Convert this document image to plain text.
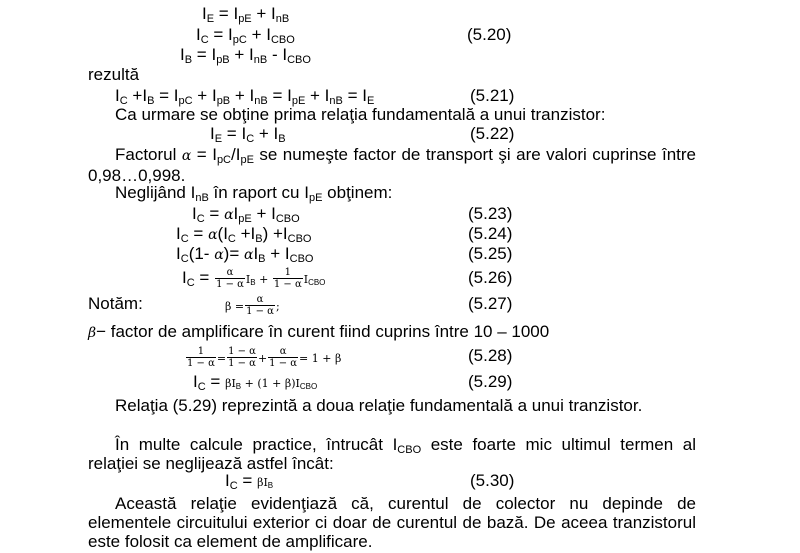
$I_E = I_{pE} + I_{nB}$
$I_C = I_{pC} + I_{CBO}$	(5.20)
$I_B = I_{pB} + I_{nB} - I_{CBO}$
rezultă
$I_C +I_B = I_{pC} + I_{pB} + I_{nB} = I_{pE} + I_{nB} = I_E$	(5.21)
Ca urmare se obţine prima relaţia fundamentală a unui tranzistor:
$I_E = I_C + I_B$	(5.22)
Factorul $\alpha = I_{pC}/I_{pE}$ se numeşte factor de transport şi are valori cuprinse între 0,98…0,998.
Neglijând $I_{nB}$ în raport cu $I_{pE}$ obţinem:
$I_C = \alpha I_{pE} + I_{CBO}$	(5.23)
$I_C = \alpha(I_C +I_B) +I_{CBO}$	(5.24)
$I_C(1-$ $\alpha)= \alpha I_B + I_{CBO}$	(5.25)
$I_C = \frac{\alpha}{1 - \alpha}$ IB + $\frac{1}{1 - \alpha}$ ICBO	(5.26)
Notăm:	$\beta = \frac{\alpha}{1 - \alpha}$ ;	(5.27)
β− factor de amplificare în curent fiind cuprins între 10 – 1000
$\frac{1}{1 - \alpha} = \frac{1 - \alpha}{1 - \alpha} + \frac{\alpha}{1 - \alpha} = 1 + \beta$	(5.28)
$I_C = \beta IB + (1$ + β)ICBO	(5.29)
Relaţia (5.29) reprezintă a doua relaţie fundamentală a unui tranzistor.
În multe calcule practice, întrucât $I_{CBO}$ este foarte mic ultimul termen al relaţiei se neglijează astfel încât:
$I_C = \beta IB$	(5.30)
Această relaţie evidenţiază că, curentul de colector nu depinde de elementele circuitului exterior ci doar de curentul de bază. De aceea tranzistorul este folosit ca element de amplificare.
